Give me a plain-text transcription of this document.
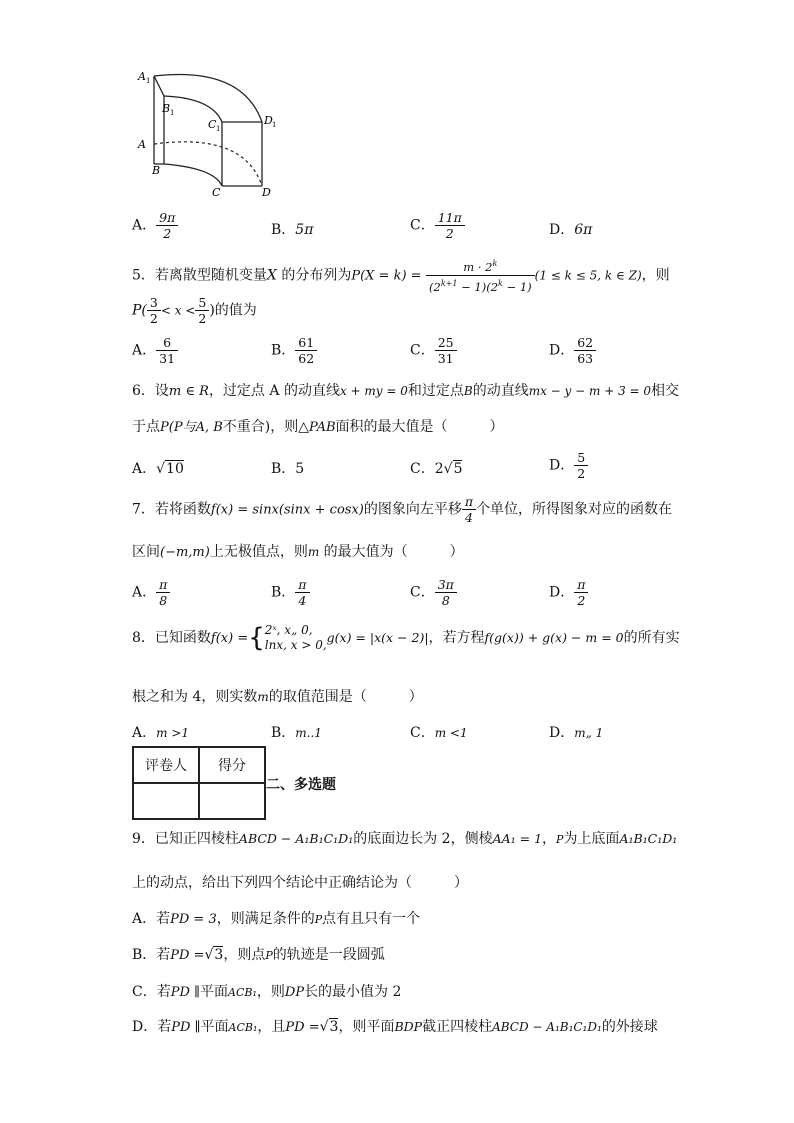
A 1
B 1
C 1
D 1
A
B
C	D
A． $\frac{9\pi}{2}$	B．5π	C． $\frac{11\pi}{2}$	D．6π
5．若离散型随机变量X 的分布列为$P(X = k) = \frac{m \cdot 2^k}{(2^{k+1} - 1)(2^k - 1)} (1 \le k \le 5$, k ∈ Z)，则
$P( \frac{3}{2} < x < \frac{5}{2}$ )的值为
A． $\frac{6}{31}$	B． $\frac{61}{62}$	C． $\frac{25}{31}$	D． $\frac{62}{63}$
6．设m ∈ R，过定点 A 的动直线x + my = 0和过定点B的动直线mx − y − m + 3 = 0相交
于点P(P与A, B不重合)，则△PAB面积的最大值是（　　　）
A．√10	B．5	C．2√5	D． $\frac{5}{2}$
7．若将函数f(x) = sinx(sinx + cosx)的图象向左平移 $\frac{\pi}{4}$ 个单位，所得图象对应的函数在
区间(−m,m)上无极值点，则m 的最大值为（　　　）
A． $\frac{\pi}{8}$	B． $\frac{\pi}{4}$	C． $\frac{3\pi}{8}$	D． $\frac{\pi}{2}$
8．已知函数f(x) ={ 2ˣ, x„ 0,
lnx, x > 0, g(x) = |x(x − 2)|，若方程f(g(x)) + g(x) − m = 0的所有实
根之和为 4，则实数m的取值范围是（　　　）
A．m >1	B．m..1	C．m <1	D．m„ 1
评卷人	得分

二、多选题
9．已知正四棱柱ABCD − A₁B₁C₁D₁的底面边长为 2，侧棱AA₁ = 1，P为上底面A₁B₁C₁D₁
上的动点，给出下列四个结论中正确结论为（　　　）
A．若PD = 3，则满足条件的P点有且只有一个
B．若PD =√3，则点P的轨迹是一段圆弧
C．若PD ∥平面ACB₁，则DP长的最小值为 2
D．若PD ∥平面ACB₁，且PD =√3，则平面BDP截正四棱柱ABCD − A₁B₁C₁D₁的外接球
